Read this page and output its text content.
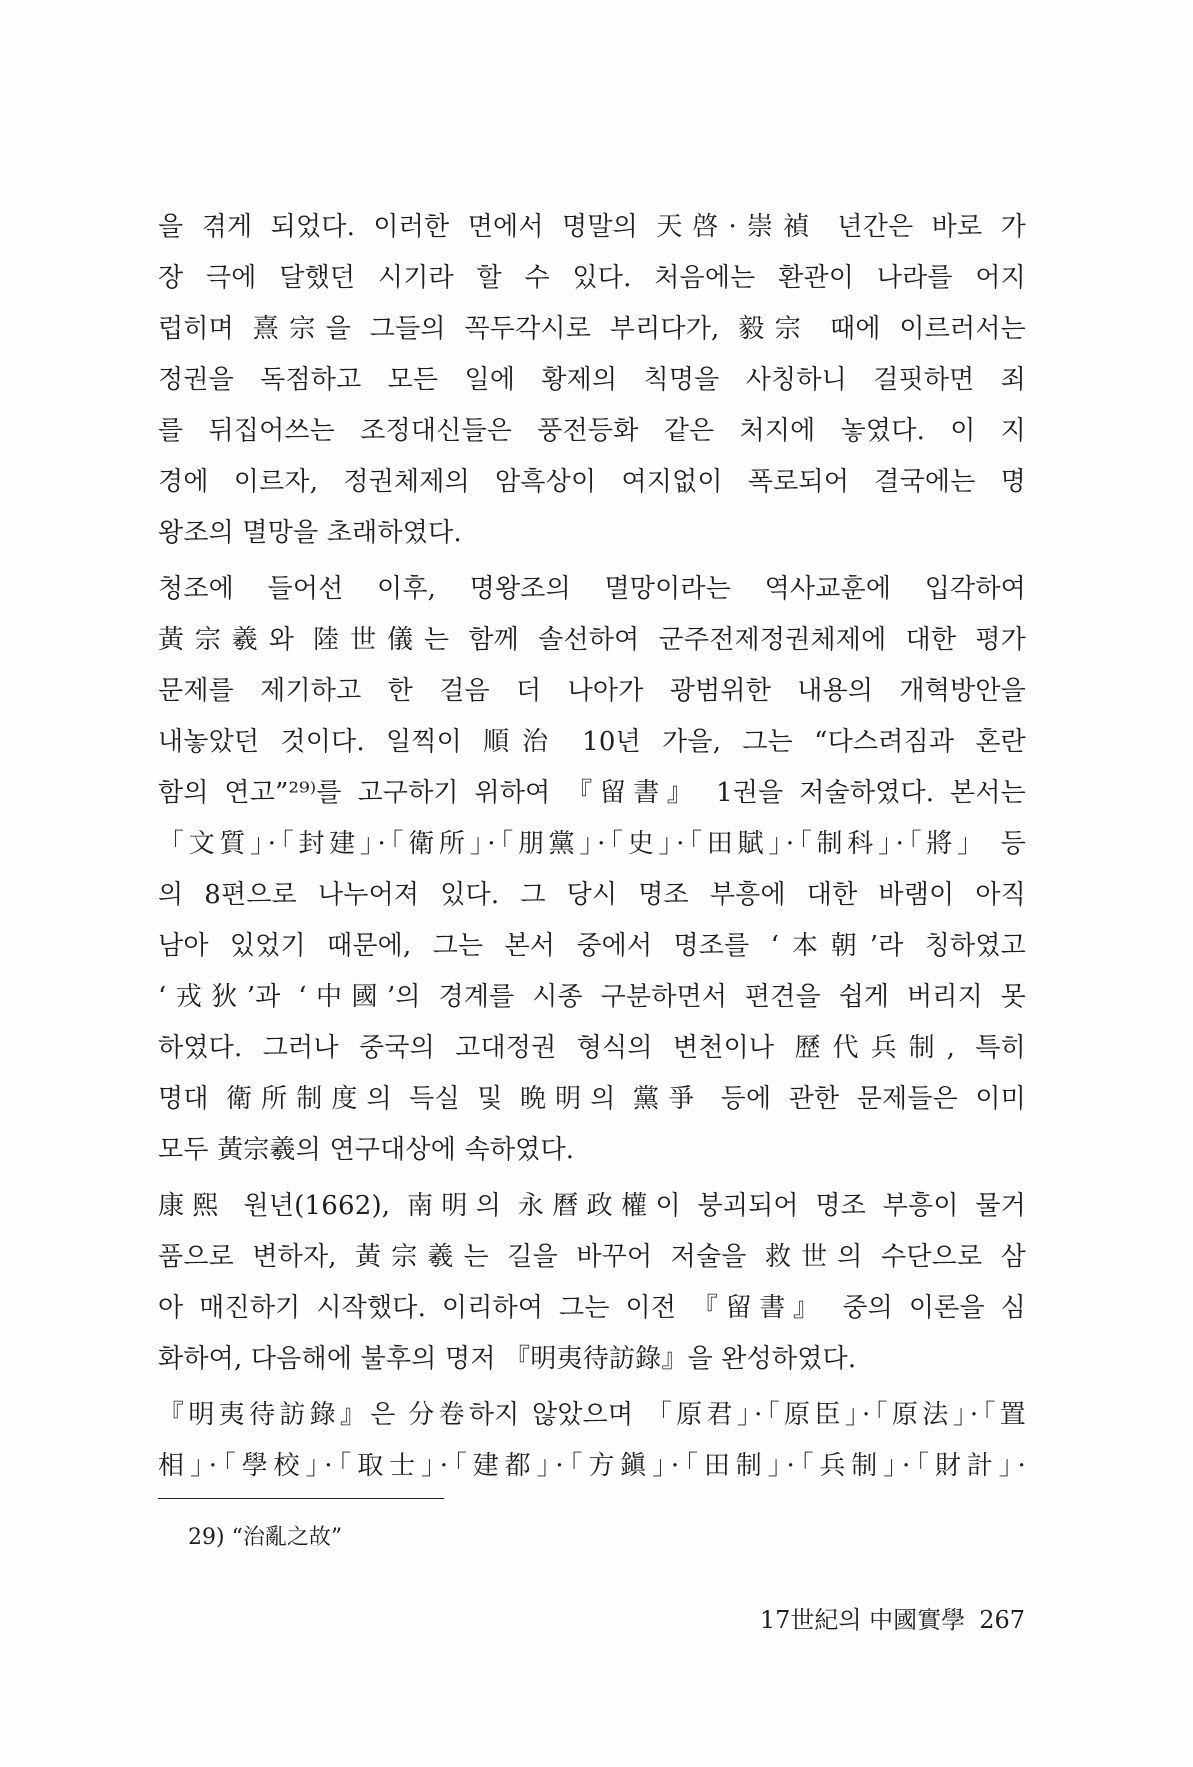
을 겪게 되었다. 이러한 면에서 명말의 天啓·崇禎 년간은 바로 가
장 극에 달했던 시기라 할 수 있다. 처음에는 환관이 나라를 어지
럽히며 熹宗을 그들의 꼭두각시로 부리다가, 毅宗 때에 이르러서는
정권을 독점하고 모든 일에 황제의 칙명을 사칭하니 걸핏하면 죄
를 뒤집어쓰는 조정대신들은 풍전등화 같은 처지에 놓였다. 이 지
경에 이르자, 정권체제의 암흑상이 여지없이 폭로되어 결국에는 명
왕조의 멸망을 초래하였다.
청조에 들어선 이후, 명왕조의 멸망이라는 역사교훈에 입각하여
黃宗羲와 陸世儀는 함께 솔선하여 군주전제정권체제에 대한 평가
문제를 제기하고 한 걸음 더 나아가 광범위한 내용의 개혁방안을
내놓았던 것이다. 일찍이 順治 10년 가을, 그는 “다스려짐과 혼란
함의 연고”²⁹⁾를 고구하기 위하여 『留書』 1권을 저술하였다. 본서는
「文質」·「封建」·「衛所」·「朋黨」·「史」·「田賦」·「制科」·「將」 등
의 8편으로 나누어져 있다. 그 당시 명조 부흥에 대한 바램이 아직
남아 있었기 때문에, 그는 본서 중에서 명조를 ‘本朝’라 칭하였고
‘戎狄’과 ‘中國’의 경계를 시종 구분하면서 편견을 쉽게 버리지 못
하였다. 그러나 중국의 고대정권 형식의 변천이나 歷代兵制, 특히
명대 衛所制度의 득실 및 晩明의 黨爭 등에 관한 문제들은 이미
모두 黃宗羲의 연구대상에 속하였다.
康熙 원년(1662), 南明의 永曆政權이 붕괴되어 명조 부흥이 물거
품으로 변하자, 黃宗羲는 길을 바꾸어 저술을 救世의 수단으로 삼
아 매진하기 시작했다. 이리하여 그는 이전 『留書』 중의 이론을 심
화하여, 다음해에 불후의 명저 『明夷待訪錄』을 완성하였다.
『明夷待訪錄』은 分卷하지 않았으며 「原君」·「原臣」·「原法」·「置
相」·「學校」·「取士」·「建都」·「方鎭」·「田制」·「兵制」·「財計」·
29) “治亂之故”
17世紀의 中國實學 267
